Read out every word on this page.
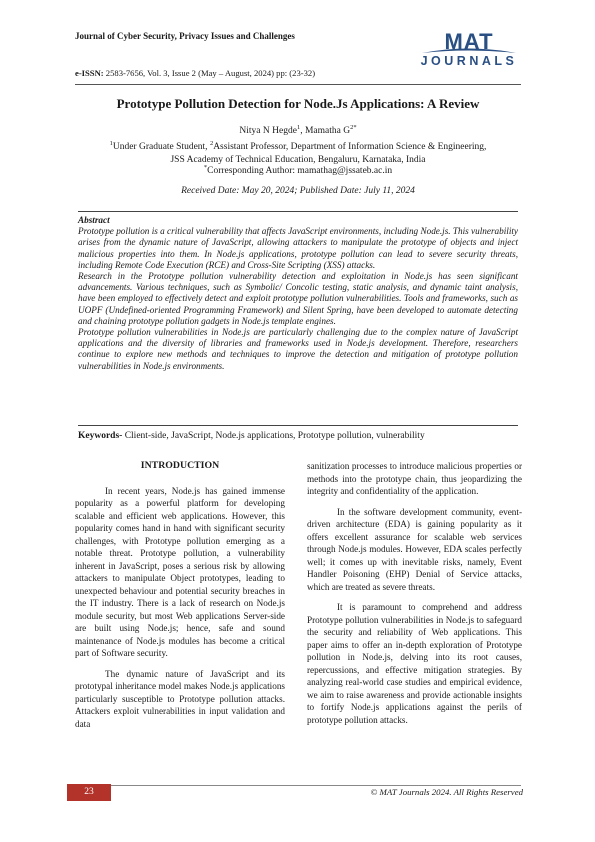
Journal of Cyber Security, Privacy Issues and Challenges
e-ISSN: 2583-7656, Vol. 3, Issue 2 (May – August, 2024) pp: (23-32)
MAT
JOURNALS
Prototype Pollution Detection for Node.Js Applications: A Review
Nitya N Hegde$^1$, Mamatha $G^{2*}$
$^1$Under Graduate Student, $^2$Assistant Professor, Department of Information Science & Engineering,
JSS Academy of Technical Education, Bengaluru, Karnataka, India
*Corresponding Author: mamathag@jssateb.ac.in
Received Date: May 20, 2024; Published Date: July 11, 2024

Abstract

Prototype pollution is a critical vulnerability that affects JavaScript environments, including Node.js. This vulnerability arises from the dynamic nature of JavaScript, allowing attackers to manipulate the prototype of objects and inject malicious properties into them. In Node.js applications, prototype pollution can lead to severe security threats, including Remote Code Execution (RCE) and Cross-Site Scripting (XSS) attacks.

Research in the Prototype pollution vulnerability detection and exploitation in Node.js has seen significant advancements. Various techniques, such as Symbolic/ Concolic testing, static analysis, and dynamic taint analysis, have been employed to effectively detect and exploit prototype pollution vulnerabilities. Tools and frameworks, such as UOPF (Undefined-oriented Programming Framework) and Silent Spring, have been developed to automate detecting and chaining prototype pollution gadgets in Node.js template engines.

Prototype pollution vulnerabilities in Node.js are particularly challenging due to the complex nature of JavaScript applications and the diversity of libraries and frameworks used in Node.js development. Therefore, researchers continue to explore new methods and techniques to improve the detection and mitigation of prototype pollution vulnerabilities in Node.js environments.

Keywords- Client-side, JavaScript, Node.js applications, Prototype pollution, vulnerability

INTRODUCTION

In recent years, Node.js has gained immense popularity as a powerful platform for developing scalable and efficient web applications. However, this popularity comes hand in hand with significant security challenges, with Prototype pollution emerging as a notable threat. Prototype pollution, a vulnerability inherent in JavaScript, poses a serious risk by allowing attackers to manipulate Object prototypes, leading to unexpected behaviour and potential security breaches in the IT industry. There is a lack of research on Node.js module security, but most Web applications Server-side are built using Node.js; hence, safe and sound maintenance of Node.js modules has become a critical part of Software security.

The dynamic nature of JavaScript and its prototypal inheritance model makes Node.js applications particularly susceptible to Prototype pollution attacks. Attackers exploit vulnerabilities in input validation and data

sanitization processes to introduce malicious properties or methods into the prototype chain, thus jeopardizing the integrity and confidentiality of the application.

In the software development community, event-driven architecture (EDA) is gaining popularity as it offers excellent assurance for scalable web services through Node.js modules. However, EDA scales perfectly well; it comes up with inevitable risks, namely, Event Handler Poisoning (EHP) Denial of Service attacks, which are treated as severe threats.

It is paramount to comprehend and address Prototype pollution vulnerabilities in Node.js to safeguard the security and reliability of Web applications. This paper aims to offer an in-depth exploration of Prototype pollution in Node.js, delving into its root causes, repercussions, and effective mitigation strategies. By analyzing real-world case studies and empirical evidence, we aim to raise awareness and provide actionable insights to fortify Node.js applications against the perils of prototype pollution attacks.

23	© MAT Journals 2024. All Rights Reserved
